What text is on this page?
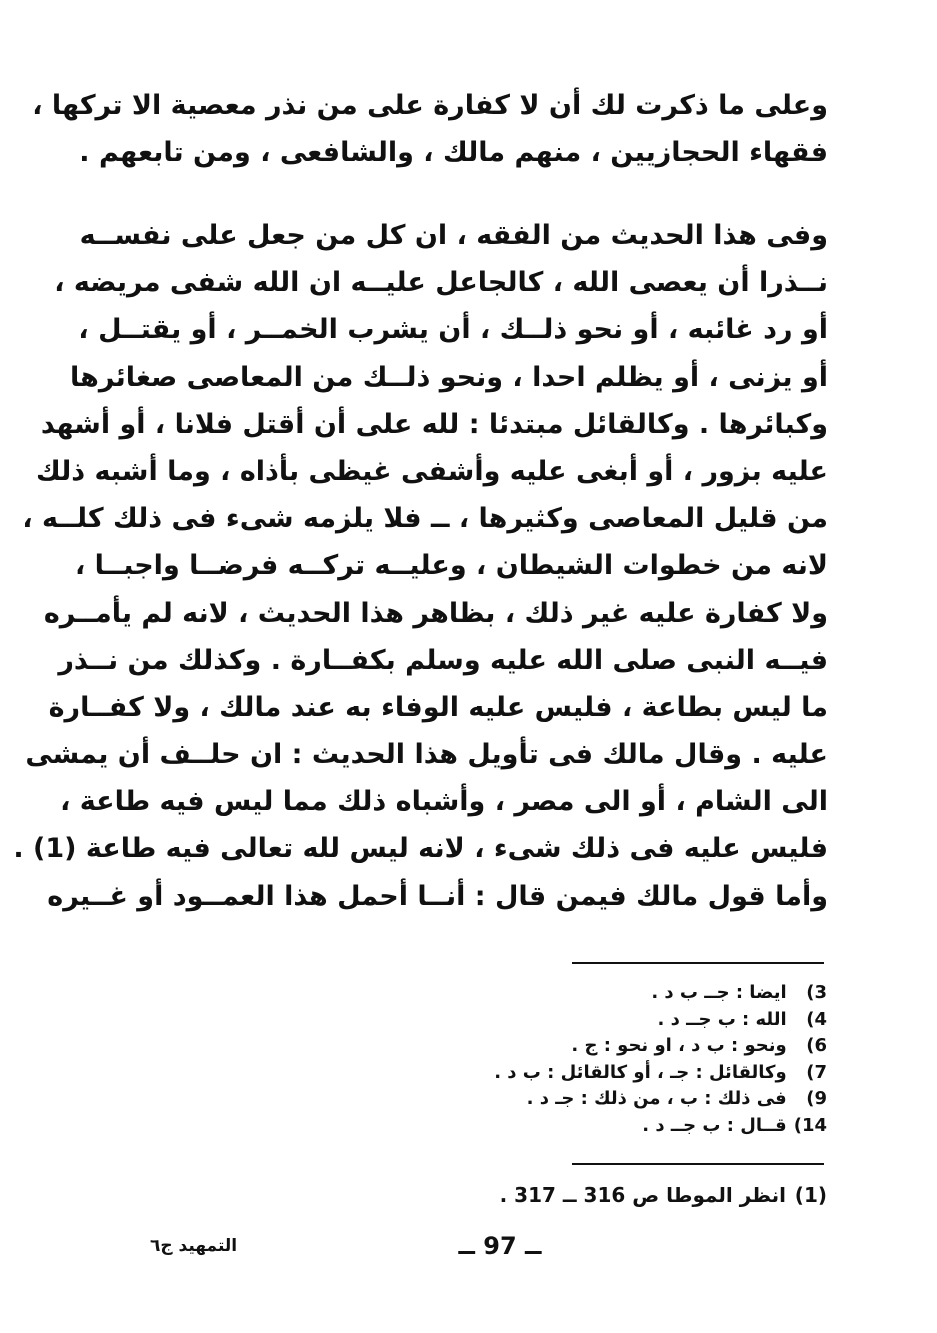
وعلى ما ذكرت لك أن لا كفارة على من نذر معصية الا تركها ،
فقهاء الحجازيين ، منهم مالك ، والشافعى ، ومن تابعهم .
وفى هذا الحديث من الفقه ، ان كل من جعل على نفســه
نــذرا أن يعصى الله ، كالجاعل عليــه ان الله شفى مريضه ،
أو رد غائبه ، أو نحو ذلــك ، أن يشرب الخمــر ، أو يقتــل ،
أو يزنى ، أو يظلم احدا ، ونحو ذلــك من المعاصى صغائرها
وكبائرها . وكالقائل مبتدئا : لله على أن أقتل فلانا ، أو أشهد
عليه بزور ، أو أبغى عليه وأشفى غيظى بأذاه ، وما أشبه ذلك
من قليل المعاصى وكثيرها ، ــ فلا يلزمه شىء فى ذلك كلــه ،
لانه من خطوات الشيطان ، وعليــه تركــه فرضــا واجبــا ،
ولا كفارة عليه غير ذلك ، بظاهر هذا الحديث ، لانه لم يأمــره
فيــه النبى صلى الله عليه وسلم بكفــارة . وكذلك من نــذر
ما ليس بطاعة ، فليس عليه الوفاء به عند مالك ، ولا كفــارة
عليه . وقال مالك فى تأويل هذا الحديث : ان حلــف أن يمشى
الى الشام ، أو الى مصر ، وأشباه ذلك مما ليس فيه طاعة ،
فليس عليه فى ذلك شىء ، لانه ليس لله تعالى فيه طاعة (1) .
وأما قول مالك فيمن قال : أنــا أحمل هذا العمــود أو غــيره
3) ايضا : جــ ب د .
4) الله : ب جــ د .
6) ونحو : ب د ، او نحو : ج .
7) وكالقائل : جـ ، أو كالقائل : ب د .
9) فى ذلك : ب ، من ذلك : جـ د .
14) قــال : ب جــ د .
(1) انظر الموطا ص 316 ــ 317 .
ــ 97 ــ
التمهيد ج٦
